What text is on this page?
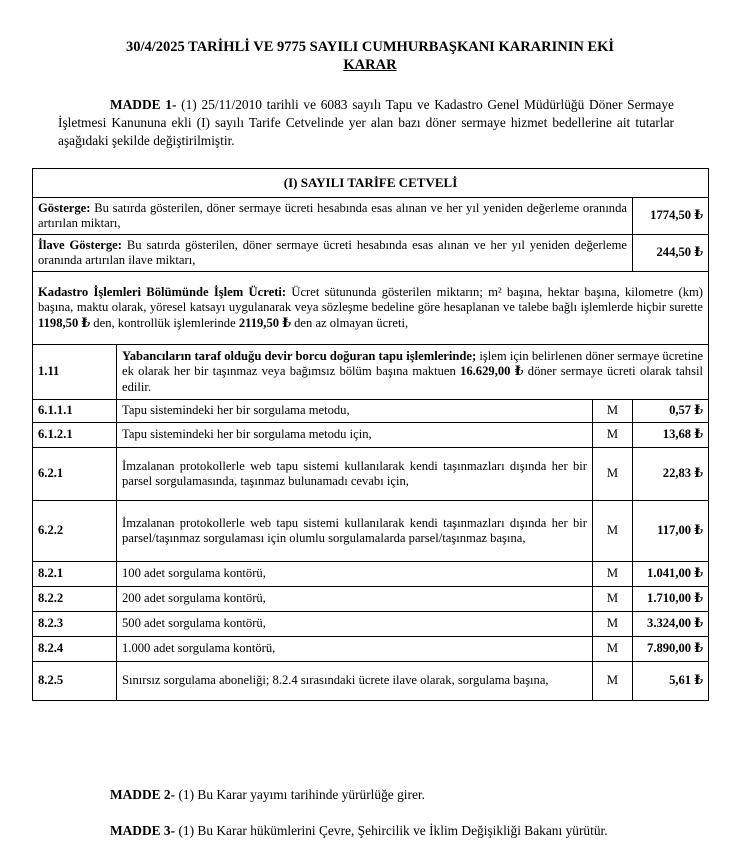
30/4/2025 TARİHLİ VE 9775 SAYILI CUMHURBAŞKANI KARARININ EKİ
KARAR
MADDE 1- (1) 25/11/2010 tarihli ve 6083 sayılı Tapu ve Kadastro Genel Müdürlüğü Döner Sermaye İşletmesi Kanununa ekli (I) sayılı Tarife Cetvelinde yer alan bazı döner sermaye hizmet bedellerine ait tutarlar aşağıdaki şekilde değiştirilmiştir.
(I) SAYILI TARİFE CETVELİ			
Gösterge: Bu satırda gösterilen, döner sermaye ücreti hesabında esas alınan ve her yıl yeniden değerleme oranında artırılan miktarı,			1774,50 ₺
İlave Gösterge: Bu satırda gösterilen, döner sermaye ücreti hesabında esas alınan ve her yıl yeniden değerleme oranında artırılan ilave miktarı,			244,50 ₺
Kadastro İşlemleri Bölümünde İşlem Ücreti: Ücret sütununda gösterilen miktarın; m² başına, hektar başına, kilometre (km) başına, maktu olarak, yöresel katsayı uygulanarak veya sözleşme bedeline göre hesaplanan ve talebe bağlı işlemlerde hiçbir surette 1198,50 ₺ den, kontrollük işlemlerinde 2119,50 ₺ den az olmayan ücreti,			
1.11	Yabancıların taraf olduğu devir borcu doğuran tapu işlemlerinde; işlem için belirlenen döner sermaye ücretine ek olarak her bir taşınmaz veya bağımsız bölüm başına maktuen 16.629,00 ₺ döner sermaye ücreti olarak tahsil edilir.		
6.1.1.1	Tapu sistemindeki her bir sorgulama metodu,	M	0,57 ₺
6.1.2.1	Tapu sistemindeki her bir sorgulama metodu için,	M	13,68 ₺
6.2.1	İmzalanan protokollerle web tapu sistemi kullanılarak kendi taşınmazları dışında her bir parsel sorgulamasında, taşınmaz bulunamadı cevabı için,	M	22,83 ₺
6.2.2	İmzalanan protokollerle web tapu sistemi kullanılarak kendi taşınmazları dışında her bir parsel/taşınmaz sorgulaması için olumlu sorgulamalarda parsel/taşınmaz başına,	M	117,00 ₺
8.2.1	100 adet sorgulama kontörü,	M	1.041,00 ₺
8.2.2	200 adet sorgulama kontörü,	M	1.710,00 ₺
8.2.3	500 adet sorgulama kontörü,	M	3.324,00 ₺
8.2.4	1.000 adet sorgulama kontörü,	M	7.890,00 ₺
8.2.5	Sınırsız sorgulama aboneliği; 8.2.4 sırasındaki ücrete ilave olarak, sorgulama başına,	M	5,61 ₺
MADDE 2- (1) Bu Karar yayımı tarihinde yürürlüğe girer.
MADDE 3- (1) Bu Karar hükümlerini Çevre, Şehircilik ve İklim Değişikliği Bakanı yürütür.
